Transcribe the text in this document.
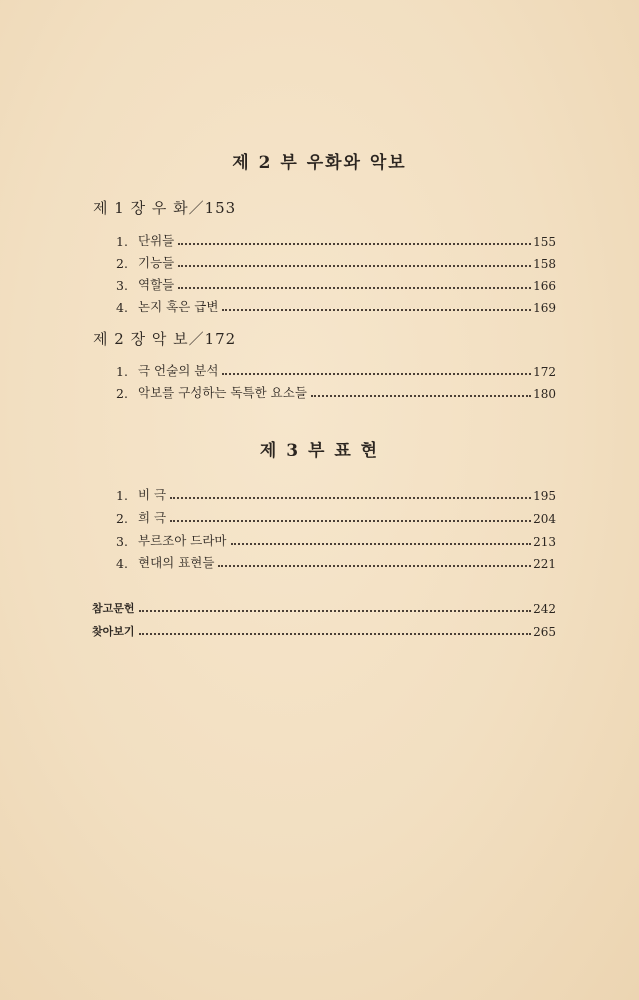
제 2 부 우화와 악보
제 1 장 우 화／153
1. 단위들	155
2. 기능들	158
3. 역할들	166
4. 논지 혹은 급변	169
제 2 장 악 보／172
1. 극 언술의 분석	172
2. 악보를 구성하는 독특한 요소들	180
제 3 부 표 현
1. 비 극	195
2. 희 극	204
3. 부르조아 드라마	213
4. 현대의 표현들	221
참고문헌	242
찾아보기	265
